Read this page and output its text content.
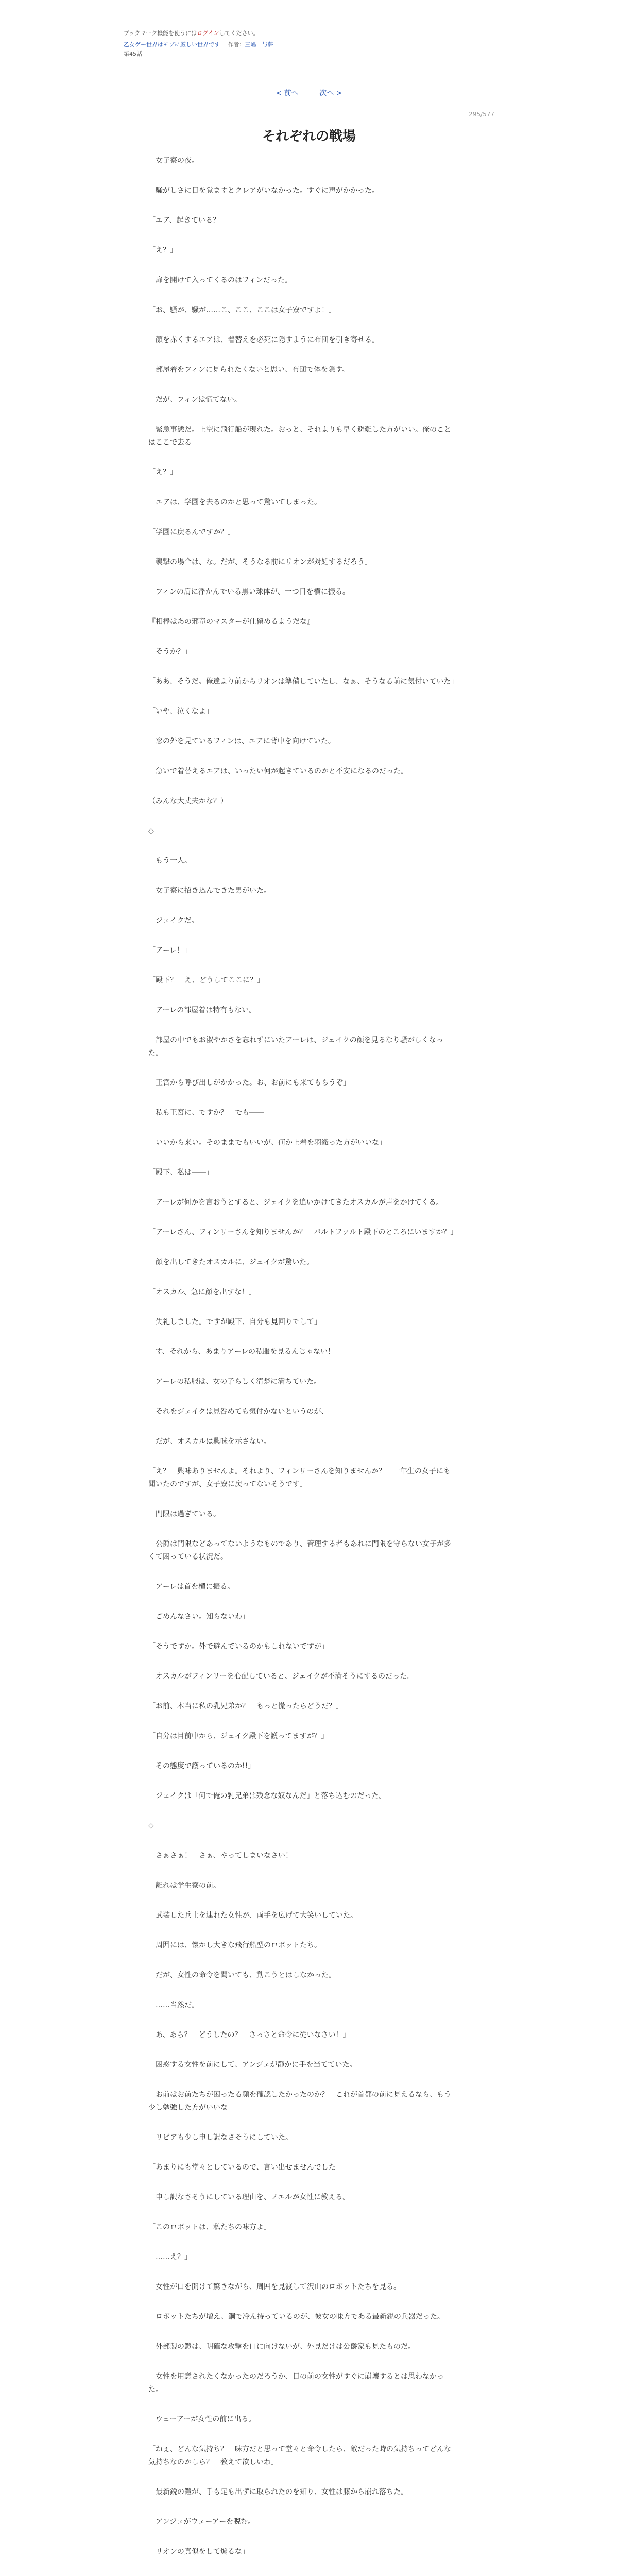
ブックマーク機能を使うにはログインしてください。
乙女ゲー世界はモブに厳しい世界です 作者：三嶋　与夢
第45話
< 前へ	次へ >
295/577
それぞれの戦場

　女子寮の夜。

　騒がしさに目を覚ますとクレアがいなかった。すぐに声がかかった。

「エア、起きている？」

「え？」

　扉を開けて入ってくるのはフィンだった。

「お、騒が、騒が……こ、ここ、ここは女子寮ですよ！」

　顔を赤くするエアは、着替えを必死に隠すように布団を引き寄せる。

　部屋着をフィンに見られたくないと思い、布団で体を隠す。

　だが、フィンは慌てない。

「緊急事態だ。上空に飛行船が現れた。おっと、それよりも早く避難した方がいい。俺のことはここで去る」

「え？」

　エアは、学園を去るのかと思って驚いてしまった。

「学園に戻るんですか？」

「襲撃の場合は、な。だが、そうなる前にリオンが対処するだろう」

　フィンの肩に浮かんでいる黒い球体が、一つ目を横に振る。

『相棒はあの邪竜のマスターが仕留めるようだな』

「そうか？」

「ああ、そうだ。俺達より前からリオンは準備していたし、なぁ、そうなる前に気付いていた」

「いや、泣くなよ」

　窓の外を見ているフィンは、エアに背中を向けていた。

　急いで着替えるエアは、いったい何が起きているのかと不安になるのだった。

（みんな大丈夫かな？）

◇

　もう一人。

　女子寮に招き込んできた男がいた。

　ジェイクだ。

「アーレ！」

「殿下？　え、どうしてここに？」

　アーレの部屋着は特有もない。

　部屋の中でもお淑やかさを忘れずにいたアーレは、ジェイクの顔を見るなり騒がしくなった。

「王宮から呼び出しがかかった。お、お前にも来てもらうぞ」

「私も王宮に、ですか？　でも――」

「いいから来い。そのままでもいいが、何か上着を羽織った方がいいな」

「殿下、私は――」

　アーレが何かを言おうとすると、ジェイクを追いかけてきたオスカルが声をかけてくる。

「アーレさん、フィンリーさんを知りませんか？　バルトファルト殿下のところにいますか？」

　顔を出してきたオスカルに、ジェイクが驚いた。

「オスカル、急に顔を出すな！」

「失礼しました。ですが殿下、自分も見回りでして」

「す、それから、あまりアーレの私服を見るんじゃない！」

　アーレの私服は、女の子らしく清楚に満ちていた。

　それをジェイクは見咎めても気付かないというのが、

　だが、オスカルは興味を示さない。

「え？　興味ありませんよ。それより、フィンリーさんを知りませんか？　一年生の女子にも聞いたのですが、女子寮に戻ってないそうです」

　門限は過ぎている。

　公爵は門限などあってないようなものであり、管理する者もあれに門限を守らない女子が多くて困っている状況だ。

　アーレは首を横に振る。

「ごめんなさい。知らないわ」

「そうですか。外で遊んでいるのかもしれないですが」

　オスカルがフィンリーを心配していると、ジェイクが不満そうにするのだった。

「お前、本当に私の乳兄弟か？　もっと慌ったらどうだ？」

「自分は目前中から、ジェイク殿下を護ってますが？」

「その態度で護っているのか!!」

　ジェイクは「何で俺の乳兄弟は残念な奴なんだ」と落ち込むのだった。

◇

「さぁさぁ！　さぁ、やってしまいなさい！」

　離れは学生寮の前。

　武装した兵士を連れた女性が、両手を広げて大笑いしていた。

　周囲には、懐かし大きな飛行船型のロボットたち。

　だが、女性の命令を聞いても、動こうとはしなかった。

　……当然だ。

「あ、あら？　どうしたの？　さっさと命令に従いなさい！」

　困惑する女性を前にして、アンジェが静かに手を当てていた。

「お前はお前たちが困ったる顔を確認したかったのか？　これが首都の前に見えるなら、もう少し勉強した方がいいな」

　リビアも少し申し訳なさそうにしていた。

「あまりにも堂々としているので、言い出せませんでした」

　申し訳なさそうにしている理由を、ノエルが女性に教える。

「このロボットは、私たちの味方よ」

「……え？」

　女性が口を開けて驚きながら、周囲を見渡して沢山のロボットたちを見る。

　ロボットたちが増え、銅で冷ん持っているのが、彼女の味方である最新鋭の兵器だった。

　外部製の鎧は、明確な攻撃を口に向けないが、外見だけは公爵家も見たものだ。

　女性を用意されたくなかったのだろうか、目の前の女性がすぐに崩壊するとは思わなかった。

　ウェーアーが女性の前に出る。

「ねぇ、どんな気持ち？　味方だと思って堂々と命令したら、敵だった時の気持ちってどんな気持ちなのかしら？　教えて欲しいわ」

　最新鋭の鎧が、手も足も出ずに取られたのを知り、女性は膝から崩れ落ちた。

　アンジェがウェーアーを睨む。

「リオンの真似をして煽るな」
